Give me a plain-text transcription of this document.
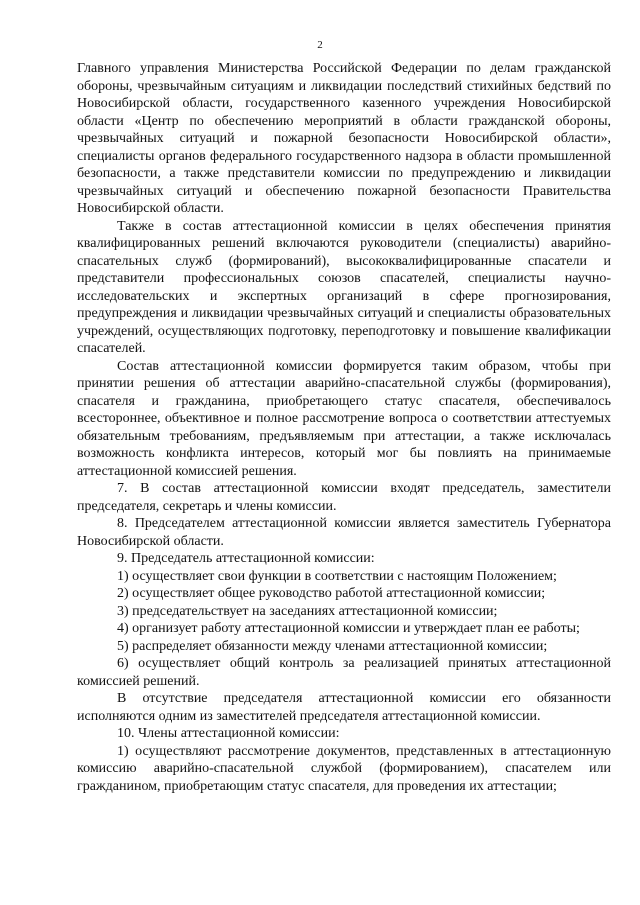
2

Главного управления Министерства Российской Федерации по делам гражданской обороны, чрезвычайным ситуациям и ликвидации последствий стихийных бедствий по Новосибирской области, государственного казенного учреждения Новосибирской области «Центр по обеспечению мероприятий в области гражданской обороны, чрезвычайных ситуаций и пожарной безопасности Новосибирской области», специалисты органов федерального государственного надзора в области промышленной безопасности, а также представители комиссии по предупреждению и ликвидации чрезвычайных ситуаций и обеспечению пожарной безопасности Правительства Новосибирской области.

Также в состав аттестационной комиссии в целях обеспечения принятия квалифицированных решений включаются руководители (специалисты) аварийно-спасательных служб (формирований), высококвалифицированные спасатели и представители профессиональных союзов спасателей, специалисты научно-исследовательских и экспертных организаций в сфере прогнозирования, предупреждения и ликвидации чрезвычайных ситуаций и специалисты образовательных учреждений, осуществляющих подготовку, переподготовку и повышение квалификации спасателей.

Состав аттестационной комиссии формируется таким образом, чтобы при принятии решения об аттестации аварийно-спасательной службы (формирования), спасателя и гражданина, приобретающего статус спасателя, обеспечивалось всестороннее, объективное и полное рассмотрение вопроса о соответствии аттестуемых обязательным требованиям, предъявляемым при аттестации, а также исключалась возможность конфликта интересов, который мог бы повлиять на принимаемые аттестационной комиссией решения.

7. В состав аттестационной комиссии входят председатель, заместители председателя, секретарь и члены комиссии.

8. Председателем аттестационной комиссии является заместитель Губернатора Новосибирской области.

9. Председатель аттестационной комиссии:

1) осуществляет свои функции в соответствии с настоящим Положением;

2) осуществляет общее руководство работой аттестационной комиссии;

3) председательствует на заседаниях аттестационной комиссии;

4) организует работу аттестационной комиссии и утверждает план ее работы;

5) распределяет обязанности между членами аттестационной комиссии;

6) осуществляет общий контроль за реализацией принятых аттестационной комиссией решений.

В отсутствие председателя аттестационной комиссии его обязанности исполняются одним из заместителей председателя аттестационной комиссии.

10. Члены аттестационной комиссии:

1) осуществляют рассмотрение документов, представленных в аттестационную комиссию аварийно-спасательной службой (формированием), спасателем или гражданином, приобретающим статус спасателя, для проведения их аттестации;
